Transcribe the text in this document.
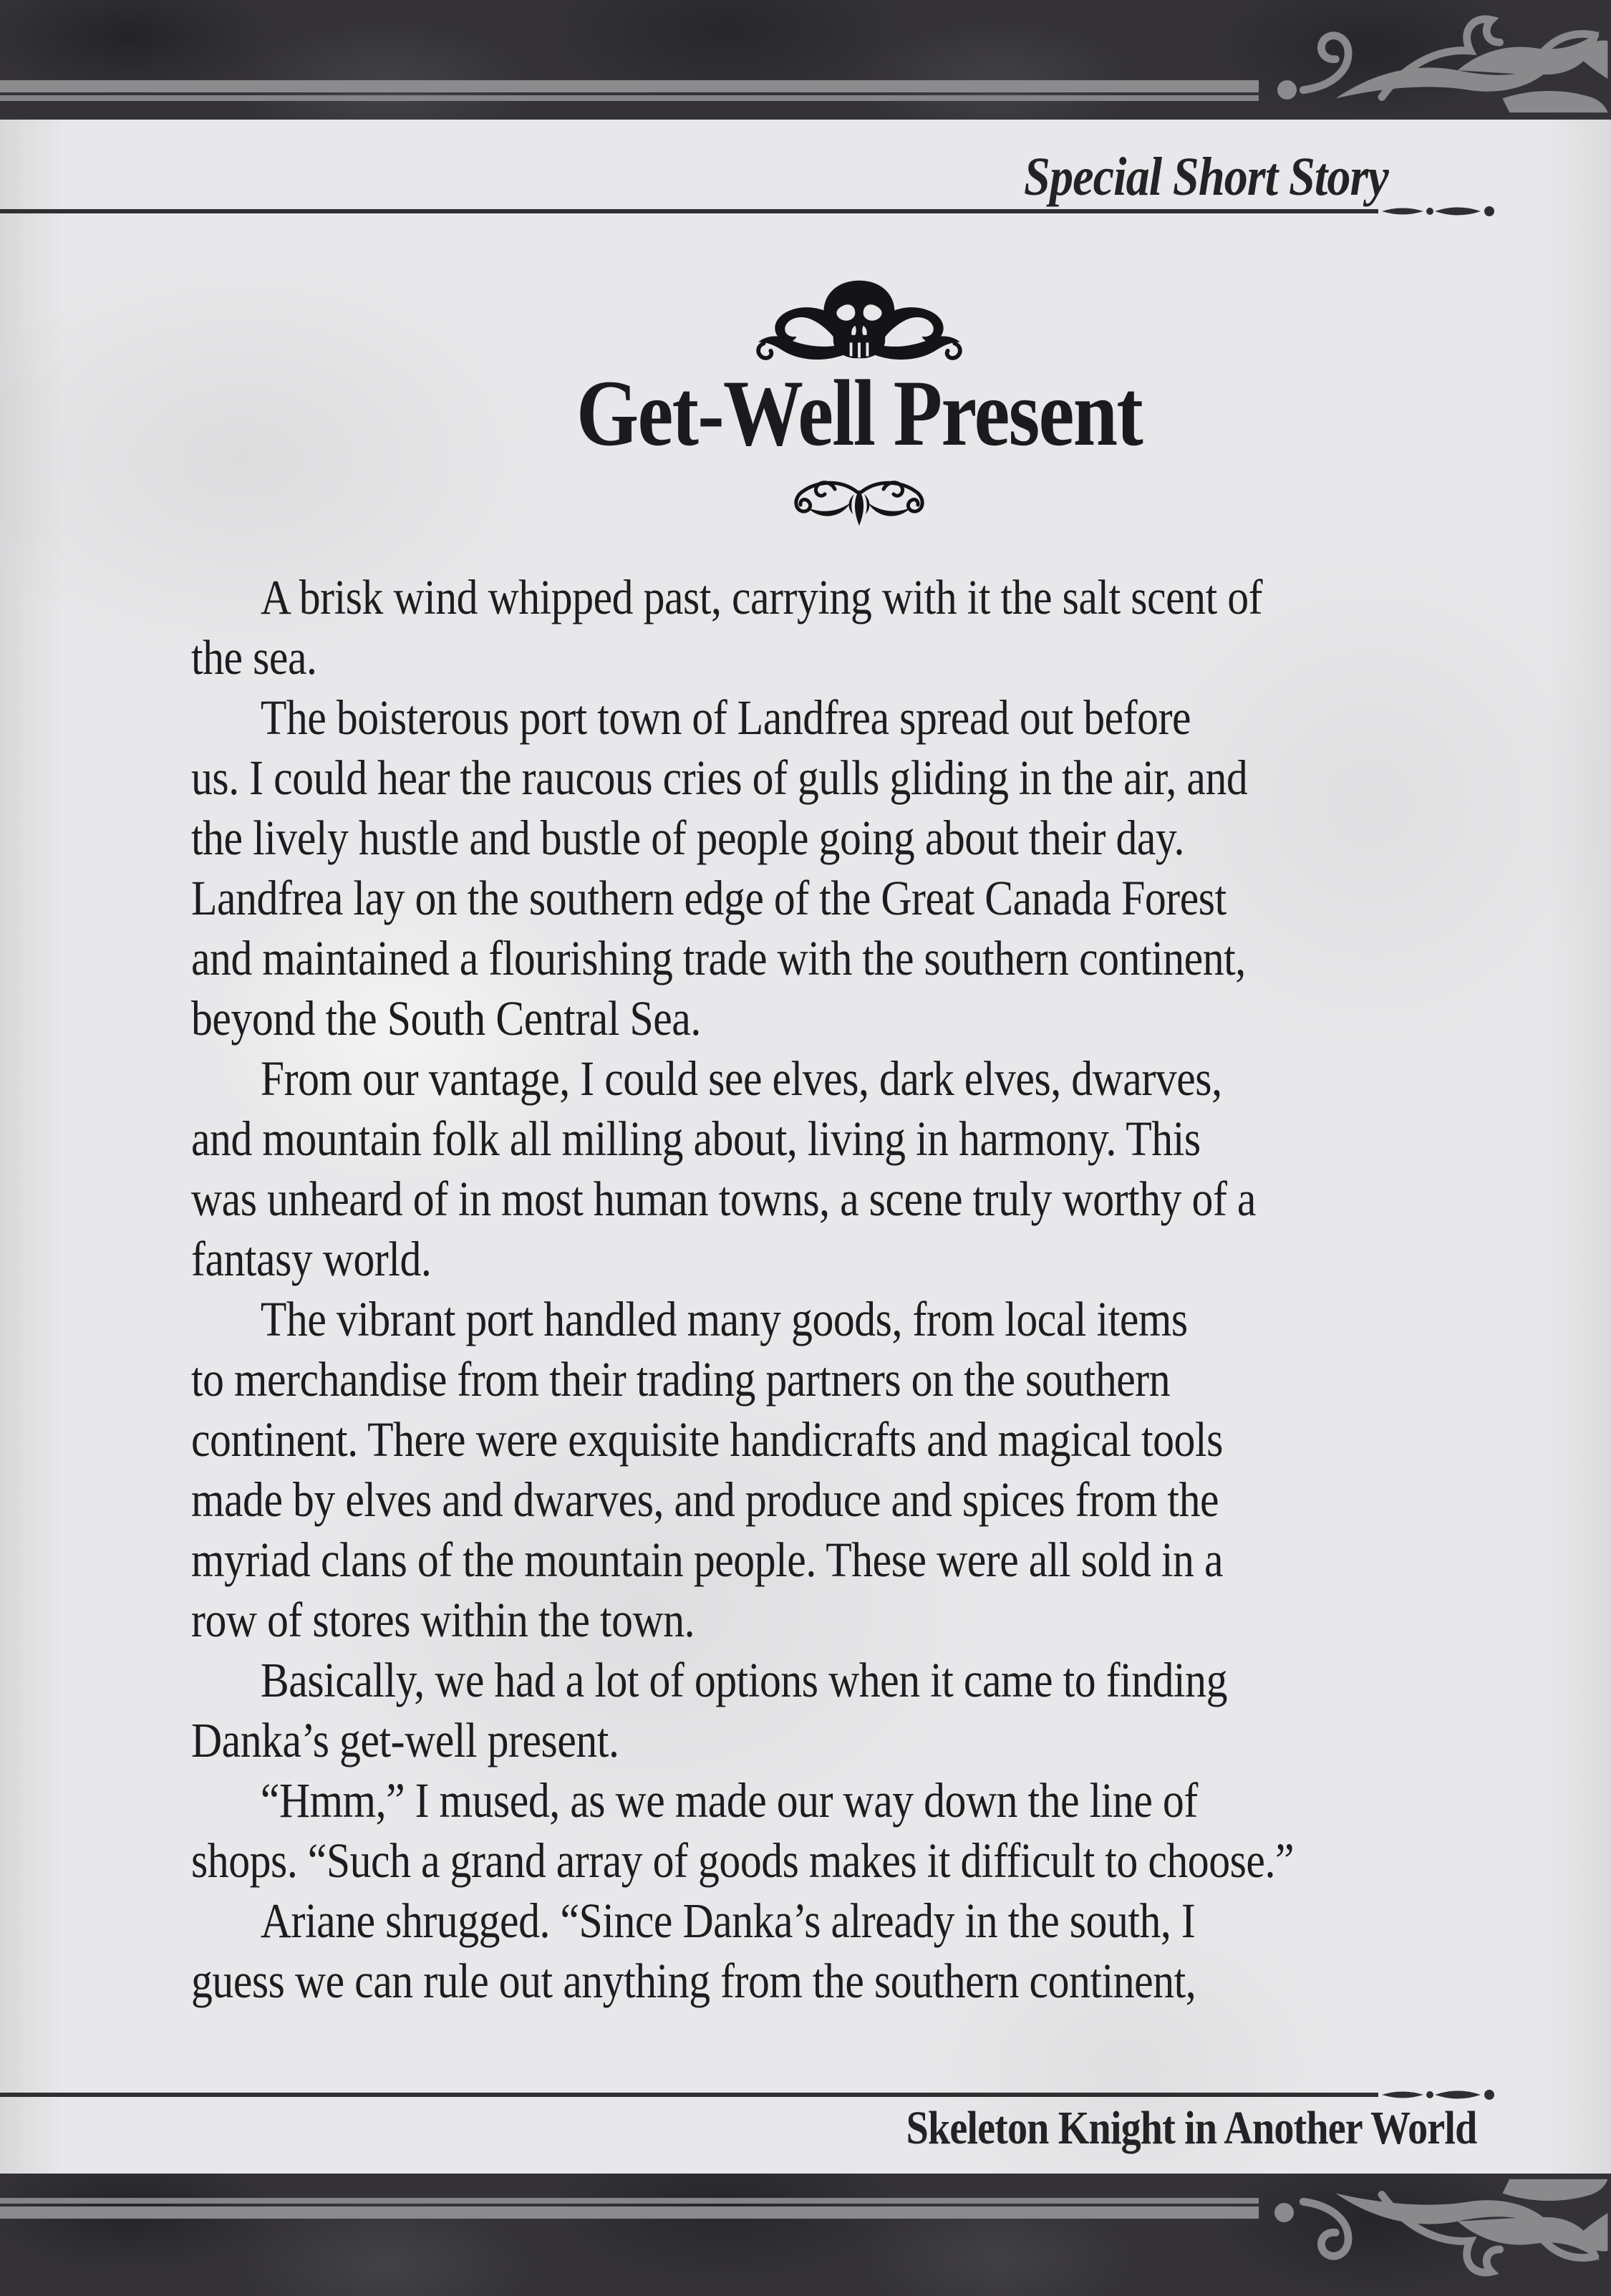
Special Short Story
Get-Well Present
A brisk wind whipped past, carrying with it the salt scent of
the sea.
The boisterous port town of Landfrea spread out before
us. I could hear the raucous cries of gulls gliding in the air, and
the lively hustle and bustle of people going about their day.
Landfrea lay on the southern edge of the Great Canada Forest
and maintained a flourishing trade with the southern continent,
beyond the South Central Sea.
From our vantage, I could see elves, dark elves, dwarves,
and mountain folk all milling about, living in harmony. This
was unheard of in most human towns, a scene truly worthy of a
fantasy world.
The vibrant port handled many goods, from local items
to merchandise from their trading partners on the southern
continent. There were exquisite handicrafts and magical tools
made by elves and dwarves, and produce and spices from the
myriad clans of the mountain people. These were all sold in a
row of stores within the town.
Basically, we had a lot of options when it came to finding
Danka’s get-well present.
“Hmm,” I mused, as we made our way down the line of
shops. “Such a grand array of goods makes it difficult to choose.”
Ariane shrugged. “Since Danka’s already in the south, I
guess we can rule out anything from the southern continent,
Skeleton Knight in Another World
